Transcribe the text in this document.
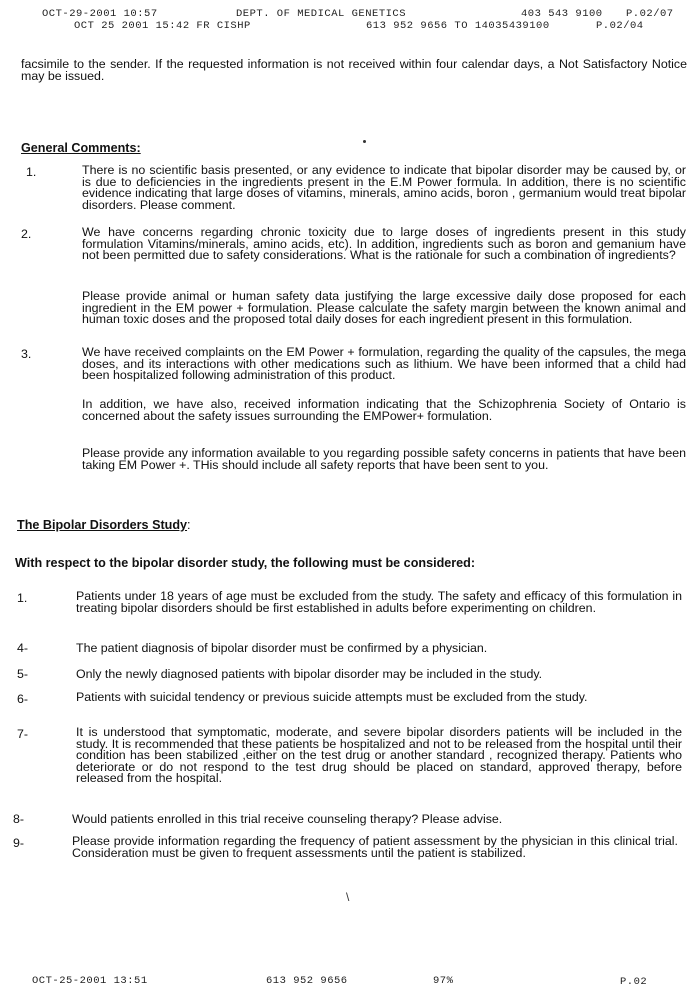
OCT-29-2001 10:57	DEPT. OF MEDICAL GENETICS	403 543 9100 P.02/07
OCT 25 2001 15:42 FR CISHP	613 952 9656 TO 14035439100	P.02/04
facsimile to the sender. If the requested information is not received within four calendar days, a Not Satisfactory Notice may be issued.
General Comments:
1.	There is no scientific basis presented, or any evidence to indicate that bipolar disorder may be caused by, or is due to deficiencies in the ingredients present in the E.M Power formula. In addition, there is no scientific evidence indicating that large doses of vitamins, minerals, amino acids, boron , germanium would treat bipolar disorders. Please comment.
2.	We have concerns regarding chronic toxicity due to large doses of ingredients present in this study formulation Vitamins/minerals, amino acids, etc). In addition, ingredients such as boron and gemanium have not been permitted due to safety considerations. What is the rationale for such a combination of ingredients?
Please provide animal or human safety data justifying the large excessive daily dose proposed for each ingredient in the EM power + formulation. Please calculate the safety margin between the known animal and human toxic doses and the proposed total daily doses for each ingredient present in this formulation.
3.	We have received complaints on the EM Power + formulation, regarding the quality of the capsules, the mega doses, and its interactions with other medications such as lithium. We have been informed that a child had been hospitalized following administration of this product.
In addition, we have also, received information indicating that the Schizophrenia Society of Ontario is concerned about the safety issues surrounding the EMPower+ formulation.
Please provide any information available to you regarding possible safety concerns in patients that have been taking EM Power +. THis should include all safety reports that have been sent to you.
The Bipolar Disorders Study:
With respect to the bipolar disorder study, the following must be considered:
1.	Patients under 18 years of age must be excluded from the study. The safety and efficacy of this formulation in treating bipolar disorders should be first established in adults before experimenting on children.
4-	The patient diagnosis of bipolar disorder must be confirmed by a physician.
5-	Only the newly diagnosed patients with bipolar disorder may be included in the study.
6-	Patients with suicidal tendency or previous suicide attempts must be excluded from the study.
7-	It is understood that symptomatic, moderate, and severe bipolar disorders patients will be included in the study. It is recommended that these patients be hospitalized and not to be released from the hospital until their condition has been stabilized ,either on the test drug or another standard , recognized therapy. Patients who deteriorate or do not respond to the test drug should be placed on standard, approved therapy, before released from the hospital.
8-	Would patients enrolled in this trial receive counseling therapy? Please advise.
9-	Please provide information regarding the frequency of patient assessment by the physician in this clinical trial. Consideration must be given to frequent assessments until the patient is stabilized.
\
OCT-25-2001 13:51	613 952 9656	97%	P.02
